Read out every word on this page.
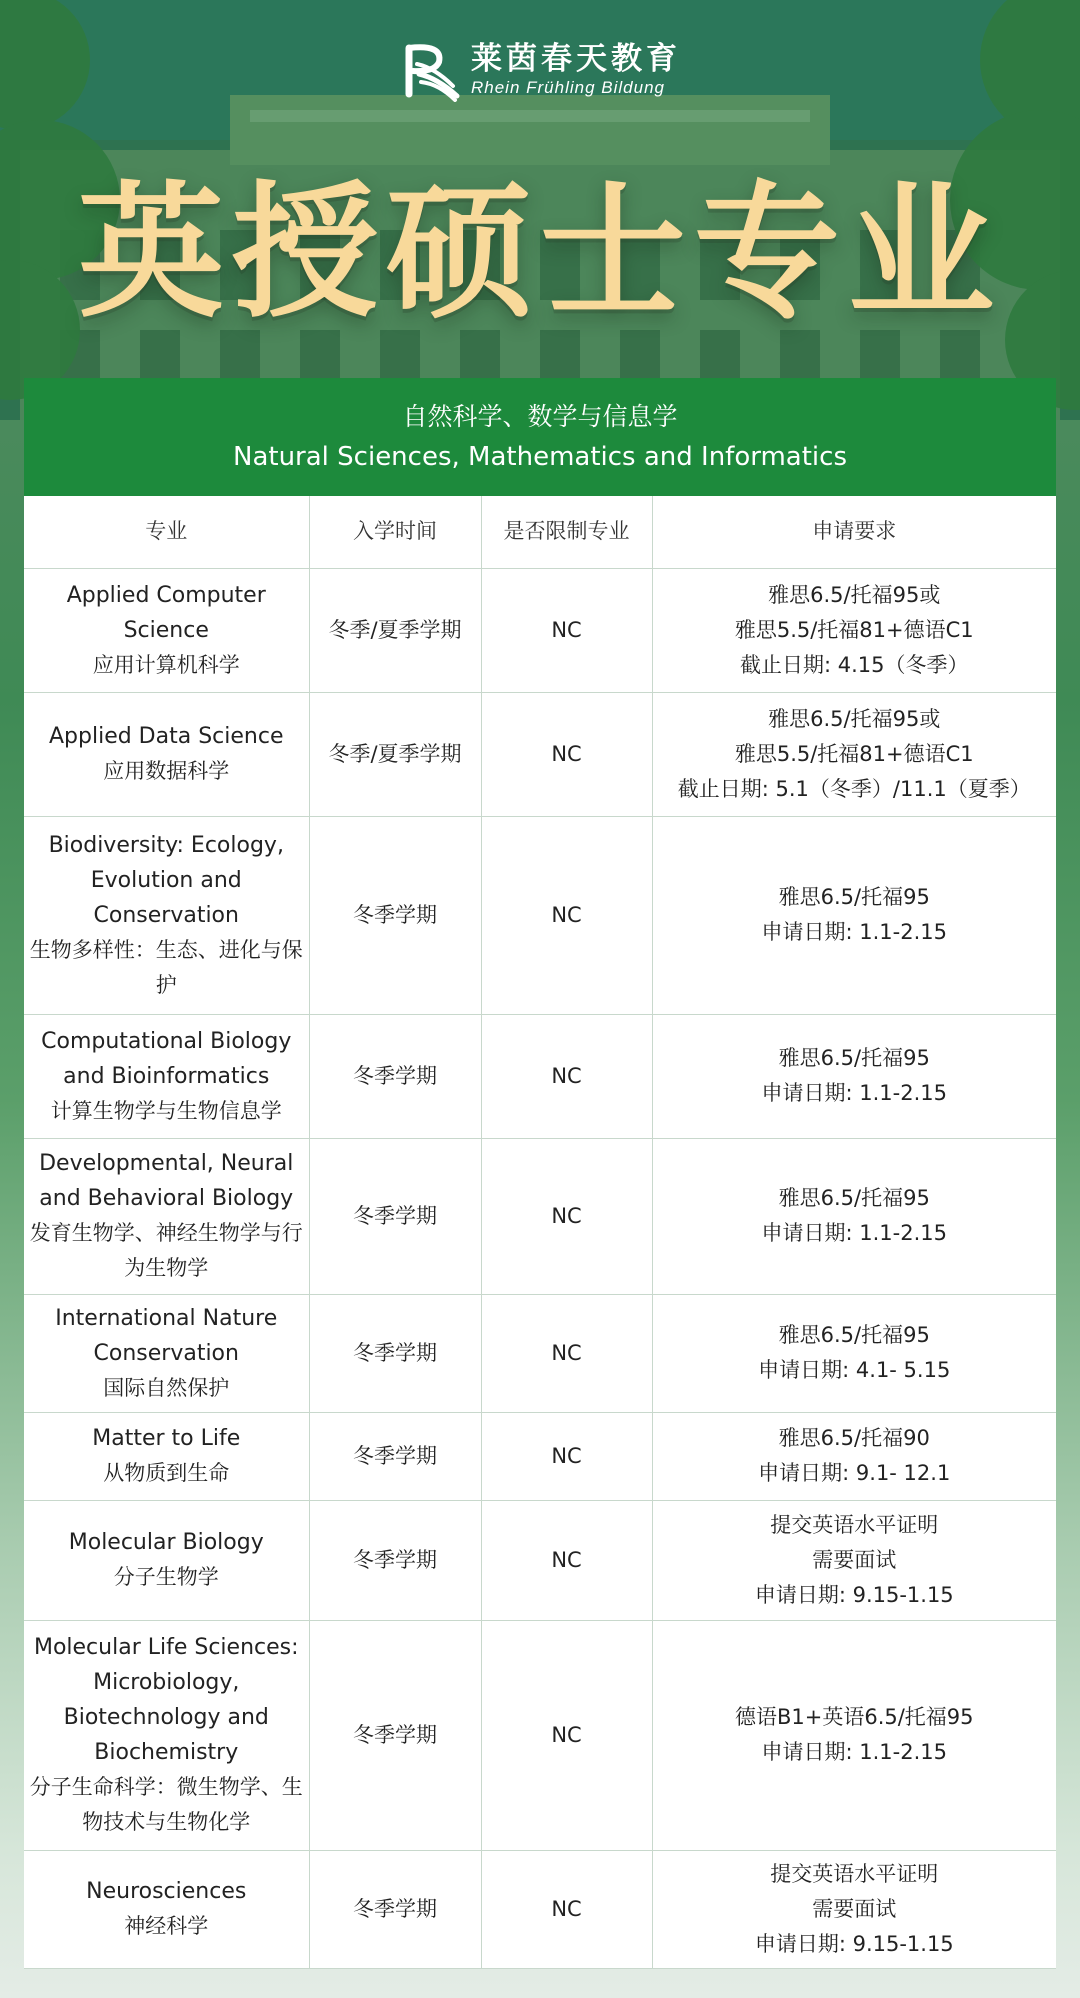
莱茵春天教育
Rhein Frühling Bildung
英授硕士专业
自然科学、数学与信息学
Natural Sciences, Mathematics and Informatics
专业	入学时间	是否限制专业	申请要求

Applied Computer Science
应用计算机科学	冬季/夏季学期	NC	雅思6.5/托福95或
雅思5.5/托福81+德语C1
截止日期: 4.15（冬季）

Applied Data Science
应用数据科学	冬季/夏季学期	NC	雅思6.5/托福95或
雅思5.5/托福81+德语C1
截止日期: 5.1（冬季）/11.1（夏季）

Biodiversity: Ecology, Evolution and Conservation
生物多样性：生态、进化与保护	冬季学期	NC	雅思6.5/托福95
申请日期: 1.1-2.15

Computational Biology and Bioinformatics
计算生物学与生物信息学	冬季学期	NC	雅思6.5/托福95
申请日期: 1.1-2.15

Developmental, Neural and Behavioral Biology
发育生物学、神经生物学与行为生物学	冬季学期	NC	雅思6.5/托福95
申请日期: 1.1-2.15

International Nature Conservation
国际自然保护	冬季学期	NC	雅思6.5/托福95
申请日期: 4.1- 5.15

Matter to Life
从物质到生命	冬季学期	NC	雅思6.5/托福90
申请日期: 9.1- 12.1

Molecular Biology
分子生物学	冬季学期	NC	提交英语水平证明
需要面试
申请日期: 9.15-1.15

Molecular Life Sciences: Microbiology, Biotechnology and Biochemistry
分子生命科学：微生物学、生物技术与生物化学	冬季学期	NC	德语B1+英语6.5/托福95
申请日期: 1.1-2.15

Neurosciences
神经科学	冬季学期	NC	提交英语水平证明
需要面试
申请日期: 9.15-1.15
